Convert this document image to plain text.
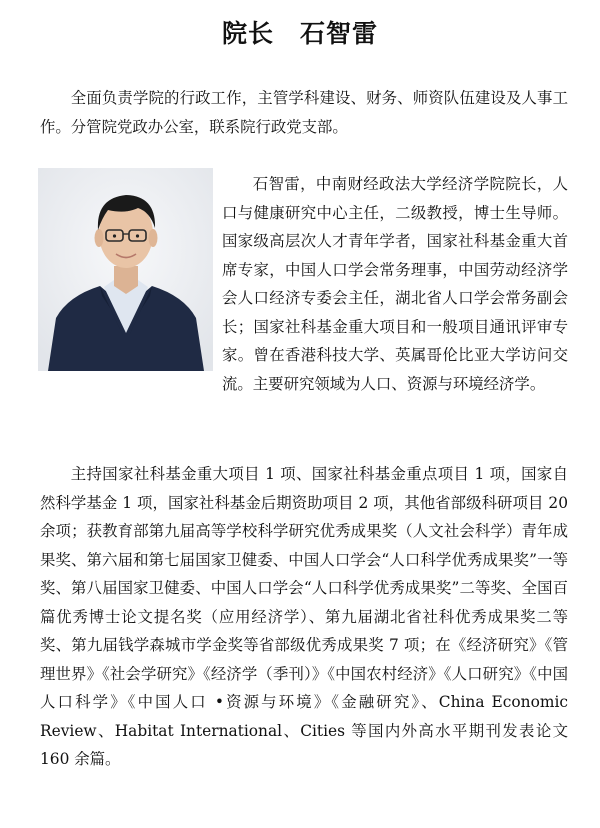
院长　石智雷

全面负责学院的行政工作，主管学科建设、财务、师资队伍建设及人事工作。分管院党政办公室，联系院行政党支部。

石智雷，中南财经政法大学经济学院院长，人口与健康研究中心主任，二级教授，博士生导师。国家级高层次人才青年学者，国家社科基金重大首席专家，中国人口学会常务理事，中国劳动经济学会人口经济专委会主任，湖北省人口学会常务副会长；国家社科基金重大项目和一般项目通讯评审专家。曾在香港科技大学、英属哥伦比亚大学访问交流。主要研究领域为人口、资源与环境经济学。

主持国家社科基金重大项目 1 项、国家社科基金重点项目 1 项，国家自然科学基金 1 项，国家社科基金后期资助项目 2 项，其他省部级科研项目 20 余项；获教育部第九届高等学校科学研究优秀成果奖（人文社会科学）青年成果奖、第六届和第七届国家卫健委、中国人口学会“人口科学优秀成果奖”一等奖、第八届国家卫健委、中国人口学会“人口科学优秀成果奖”二等奖、全国百篇优秀博士论文提名奖（应用经济学）、第九届湖北省社科优秀成果奖二等奖、第九届钱学森城市学金奖等省部级优秀成果奖 7 项；在《经济研究》《管理世界》《社会学研究》《经济学（季刊）》《中国农村经济》《人口研究》《中国人口科学》《中国人口 •资源与环境》《金融研究》、China Economic Review、Habitat International、Cities 等国内外高水平期刊发表论文 160 余篇。
